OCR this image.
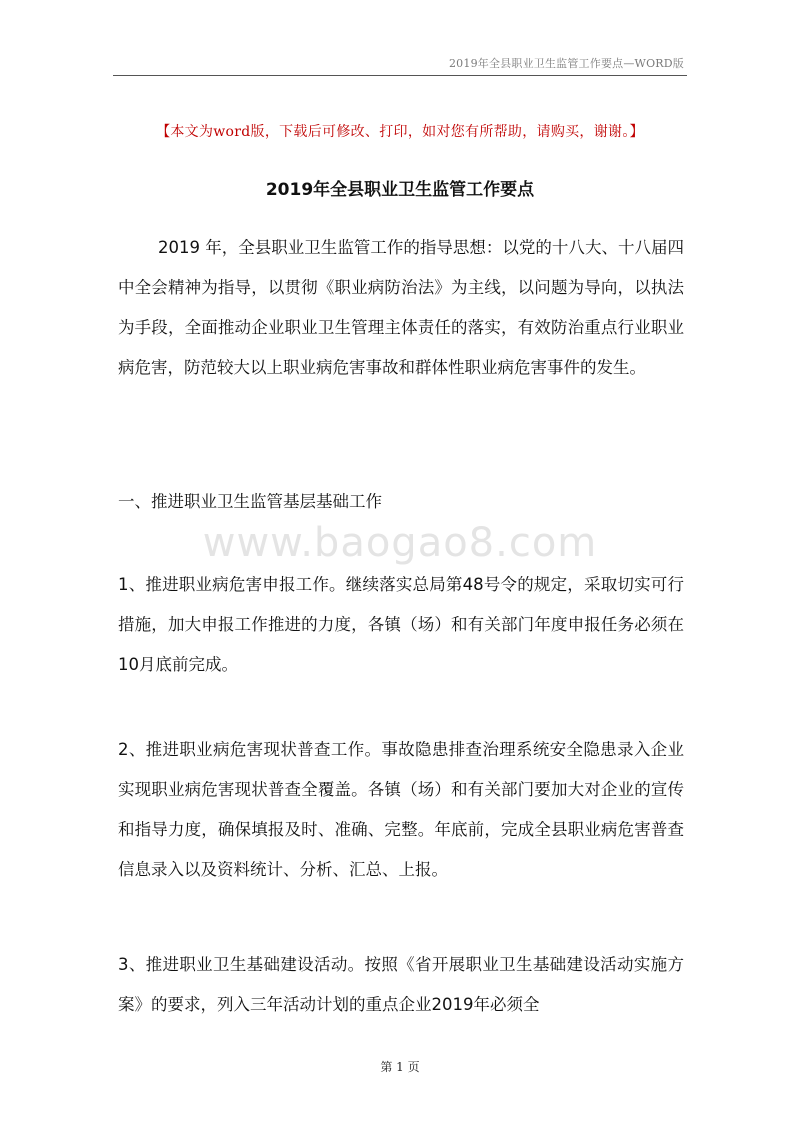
2019年全县职业卫生监管工作要点—WORD版
【本文为word版，下载后可修改、打印，如对您有所帮助，请购买，谢谢。】
2019年全县职业卫生监管工作要点
2019 年，全县职业卫生监管工作的指导思想：以党的十八大、十八届四中全会精神为指导，以贯彻《职业病防治法》为主线，以问题为导向，以执法为手段，全面推动企业职业卫生管理主体责任的落实，有效防治重点行业职业病危害，防范较大以上职业病危害事故和群体性职业病危害事件的发生。
一、推进职业卫生监管基层基础工作
www.baogao8.com
1、推进职业病危害申报工作。继续落实总局第48号令的规定，采取切实可行措施，加大申报工作推进的力度，各镇（场）和有关部门年度申报任务必须在10月底前完成。
2、推进职业病危害现状普查工作。事故隐患排查治理系统安全隐患录入企业实现职业病危害现状普查全覆盖。各镇（场）和有关部门要加大对企业的宣传和指导力度，确保填报及时、准确、完整。年底前，完成全县职业病危害普查信息录入以及资料统计、分析、汇总、上报。
3、推进职业卫生基础建设活动。按照《省开展职业卫生基础建设活动实施方案》的要求，列入三年活动计划的重点企业2019年必须全
第 1 页
